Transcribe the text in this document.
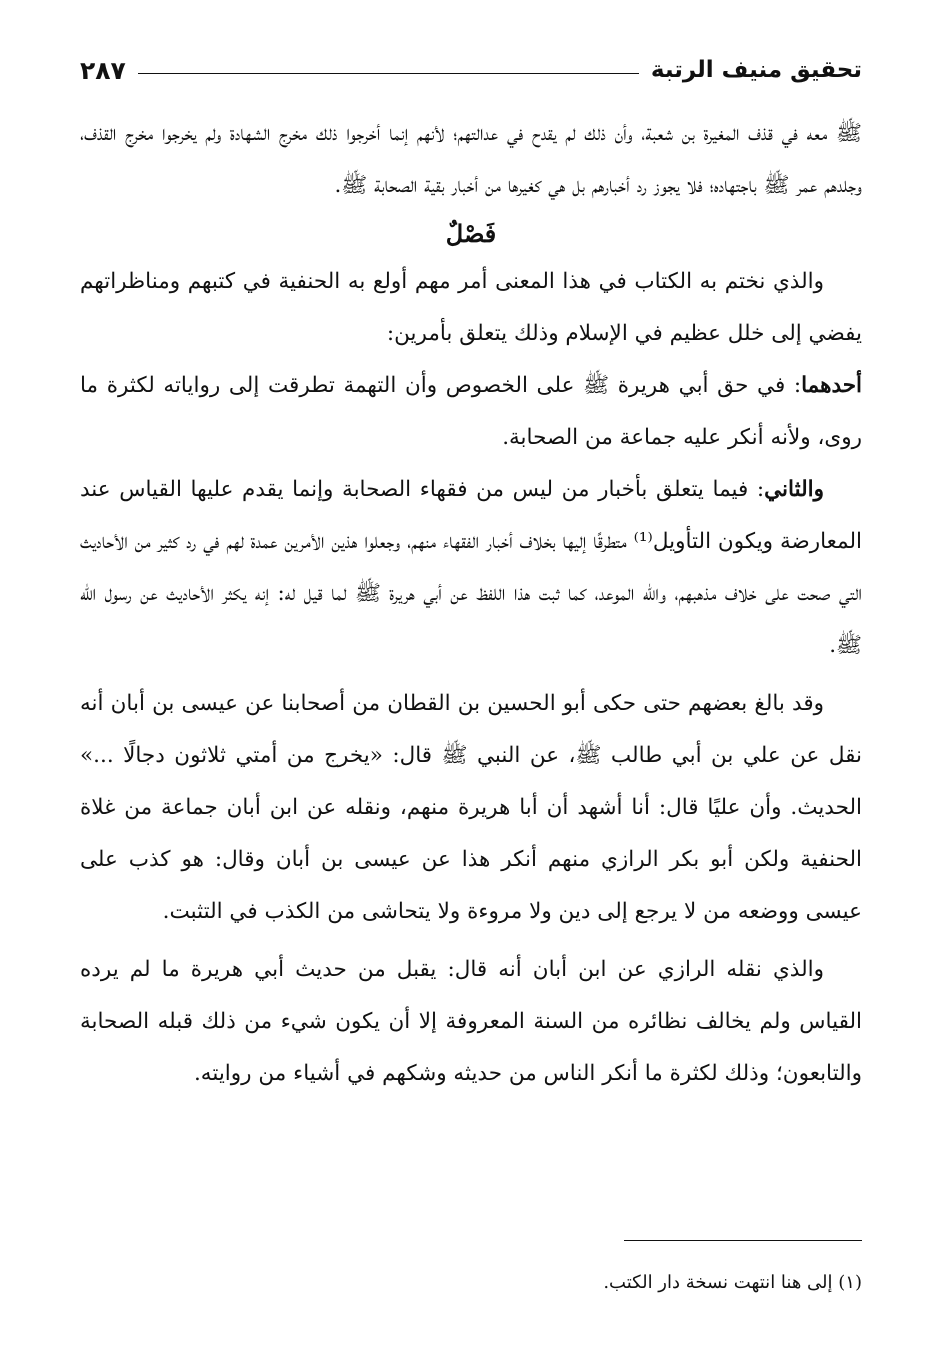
تحقيق منيف الرتبة
٢٨٧

ﷺ معه في قذف المغيرة بن شعبة، وأن ذلك لم يقدح في عدالتهم؛ لأنهم إنما أخرجوا ذلك مخرج الشهادة ولم يخرجوا مخرج القذف، وجلدهم عمر ﷺ باجتهاده؛ فلا يجوز رد أخبارهم بل هي كغيرها من أخبار بقية الصحابة ﷺ.

فَصْلٌ

والذي نختم به الكتاب في هذا المعنى أمر مهم أولع به الحنفية في كتبهم ومناظراتهم يفضي إلى خلل عظيم في الإسلام وذلك يتعلق بأمرين:

أحدهما: في حق أبي هريرة ﷺ على الخصوص وأن التهمة تطرقت إلى رواياته لكثرة ما روى، ولأنه أنكر عليه جماعة من الصحابة.

والثاني: فيما يتعلق بأخبار من ليس من فقهاء الصحابة وإنما يقدم عليها القياس عند المعارضة ويكون التأويل⁽¹⁾ متطرقًا إليها بخلاف أخبار الفقهاء منهم، وجعلوا هذين الأمرين عمدة لهم في رد كثير من الأحاديث التي صحت على خلاف مذهبهم، والله الموعد، كما ثبت هذا اللفظ عن أبي هريرة ﷺ لما قيل له: إنه يكثر الأحاديث عن رسول الله ﷺ.

وقد بالغ بعضهم حتى حكى أبو الحسين بن القطان من أصحابنا عن عيسى بن أبان أنه نقل عن علي بن أبي طالب ﷺ، عن النبي ﷺ قال: «يخرج من أمتي ثلاثون دجالًا ...» الحديث. وأن عليًا قال: أنا أشهد أن أبا هريرة منهم، ونقله عن ابن أبان جماعة من غلاة الحنفية ولكن أبو بكر الرازي منهم أنكر هذا عن عيسى بن أبان وقال: هو كذب على عيسى ووضعه من لا يرجع إلى دين ولا مروءة ولا يتحاشى من الكذب في التثبت.

والذي نقله الرازي عن ابن أبان أنه قال: يقبل من حديث أبي هريرة ما لم يرده القياس ولم يخالف نظائره من السنة المعروفة إلا أن يكون شيء من ذلك قبله الصحابة والتابعون؛ وذلك لكثرة ما أنكر الناس من حديثه وشكهم في أشياء من روايته.

(١) إلى هنا انتهت نسخة دار الكتب.
